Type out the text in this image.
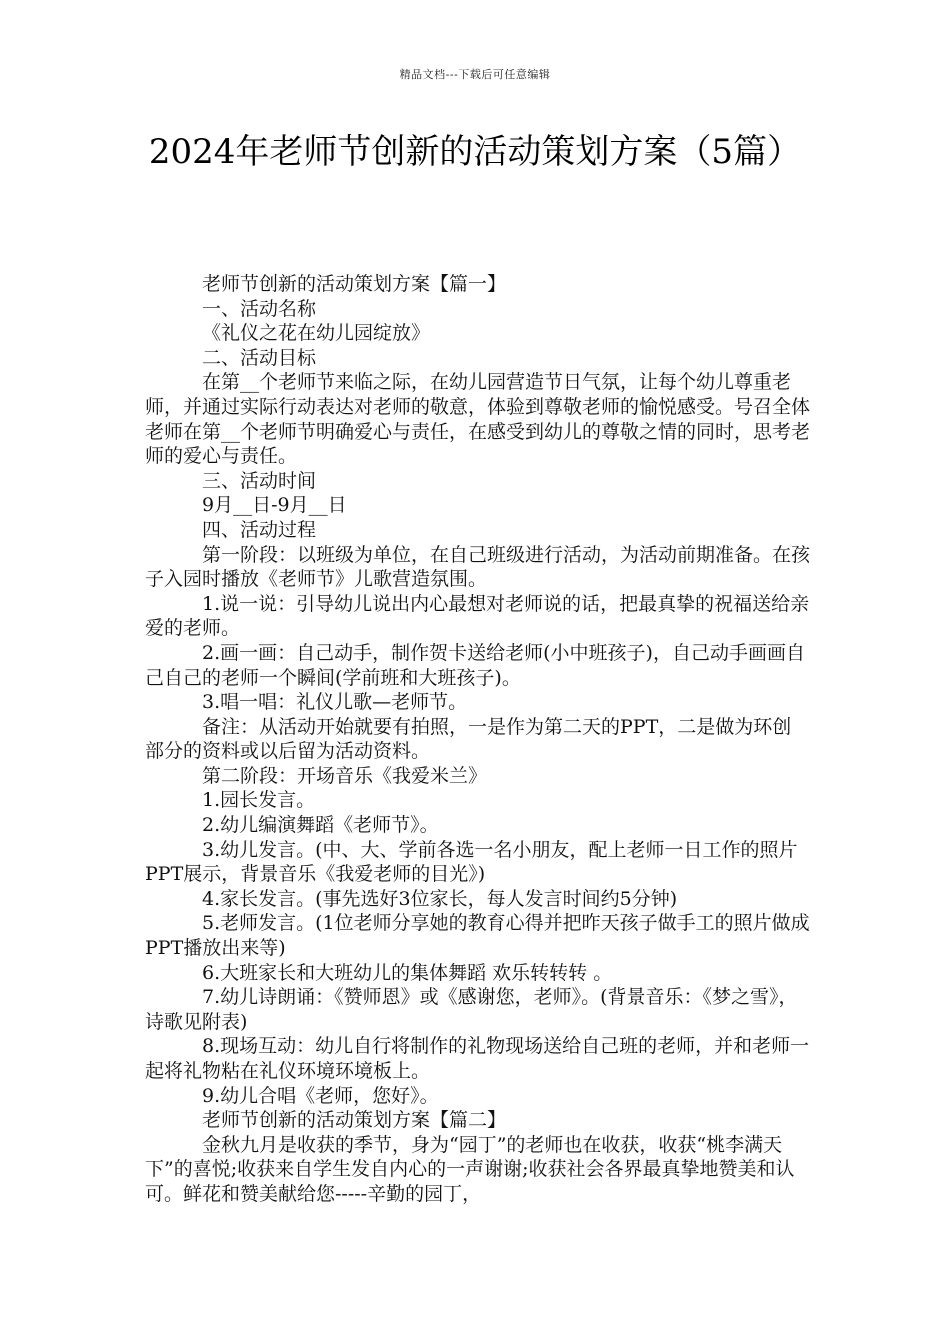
精品文档---下载后可任意编辑
2024年老师节创新的活动策划方案（5篇）

老师节创新的活动策划方案【篇一】

一、活动名称

《礼仪之花在幼儿园绽放》

二、活动目标

在第__个老师节来临之际，在幼儿园营造节日气氛，让每个幼儿尊重老师，并通过实际行动表达对老师的敬意，体验到尊敬老师的愉悦感受。号召全体老师在第__个老师节明确爱心与责任，在感受到幼儿的尊敬之情的同时，思考老师的爱心与责任。

三、活动时间

9月__日-9月__日

四、活动过程

第一阶段：以班级为单位，在自己班级进行活动，为活动前期准备。在孩子入园时播放《老师节》儿歌营造氛围。

1.说一说：引导幼儿说出内心最想对老师说的话，把最真挚的祝福送给亲爱的老师。

2.画一画：自己动手，制作贺卡送给老师(小中班孩子)，自己动手画画自己自己的老师一个瞬间(学前班和大班孩子)。

3.唱一唱：礼仪儿歌—老师节。

备注：从活动开始就要有拍照，一是作为第二天的PPT，二是做为环创部分的资料或以后留为活动资料。

第二阶段：开场音乐《我爱米兰》

1.园长发言。

2.幼儿编演舞蹈《老师节》。

3.幼儿发言。(中、大、学前各选一名小朋友，配上老师一日工作的照片PPT展示，背景音乐《我爱老师的目光》)

4.家长发言。(事先选好3位家长，每人发言时间约5分钟)

5.老师发言。(1位老师分享她的教育心得并把昨天孩子做手工的照片做成PPT播放出来等)

6.大班家长和大班幼儿的集体舞蹈 欢乐转转转 。

7.幼儿诗朗诵：《赞师恩》或《感谢您，老师》。(背景音乐：《梦之雪》，诗歌见附表)

8.现场互动：幼儿自行将制作的礼物现场送给自己班的老师，并和老师一起将礼物粘在礼仪环境环境板上。

9.幼儿合唱《老师，您好》。

老师节创新的活动策划方案【篇二】

金秋九月是收获的季节，身为“园丁”的老师也在收获，收获“桃李满天下”的喜悦;收获来自学生发自内心的一声谢谢;收获社会各界最真挚地赞美和认可。鲜花和赞美献给您-----辛勤的园丁，
